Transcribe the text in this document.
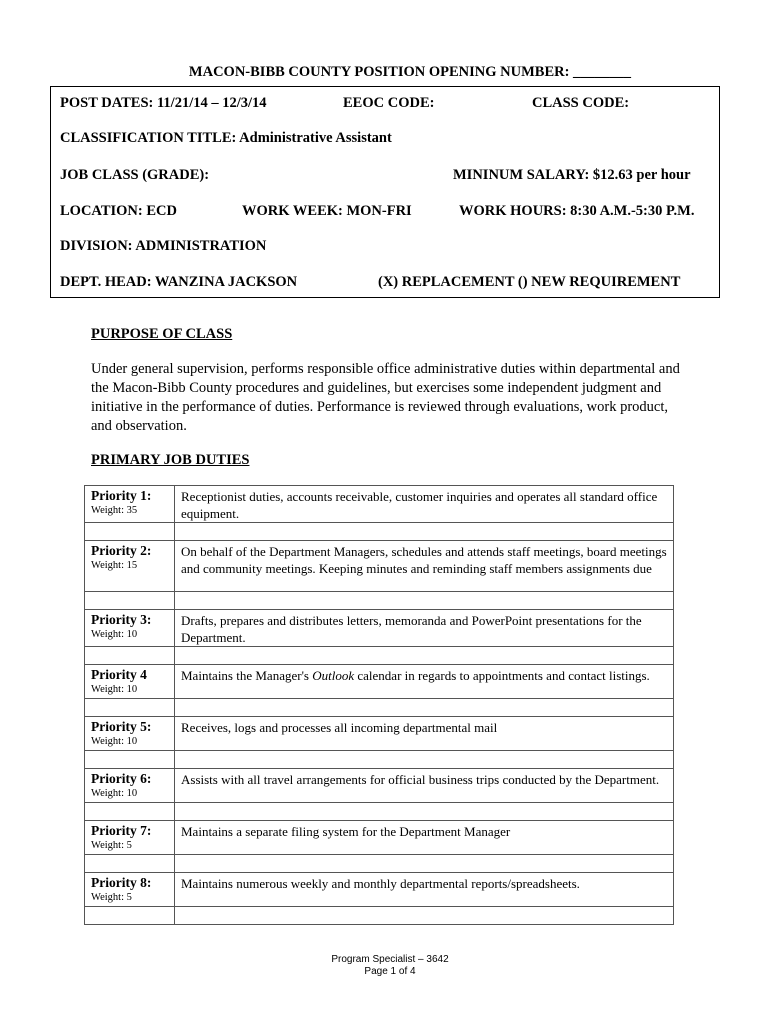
MACON-BIBB COUNTY POSITION OPENING NUMBER: ________
POST DATES: 11/21/14 – 12/3/14	EEOC CODE:	CLASS CODE:
CLASSIFICATION TITLE: Administrative Assistant
JOB CLASS (GRADE):	MININUM SALARY: $12.63 per hour
LOCATION: ECD	WORK WEEK: MON-FRI	WORK HOURS: 8:30 A.M.-5:30 P.M.
DIVISION: ADMINISTRATION
DEPT. HEAD: WANZINA JACKSON	(X) REPLACEMENT () NEW REQUIREMENT
PURPOSE OF CLASS
Under general supervision, performs responsible office administrative duties within departmental and the Macon-Bibb County procedures and guidelines, but exercises some independent judgment and initiative in the performance of duties. Performance is reviewed through evaluations, work product, and observation.
PRIMARY JOB DUTIES
Priority 1:
Weight: 35	Receptionist duties, accounts receivable, customer inquiries and operates all standard office equipment.

Priority 2:
Weight: 15	On behalf of the Department Managers, schedules and attends staff meetings, board meetings and community meetings. Keeping minutes and reminding staff members assignments due

Priority 3:
Weight: 10	Drafts, prepares and distributes letters, memoranda and PowerPoint presentations for the Department.

Priority 4
Weight: 10	Maintains the Manager's Outlook calendar in regards to appointments and contact listings.

Priority 5:
Weight: 10	Receives, logs and processes all incoming departmental mail

Priority 6:
Weight: 10	Assists with all travel arrangements for official business trips conducted by the Department.

Priority 7:
Weight: 5	Maintains a separate filing system for the Department Manager

Priority 8:
Weight: 5	Maintains numerous weekly and monthly departmental reports/spreadsheets.

Program Specialist – 3642
Page 1 of 4
